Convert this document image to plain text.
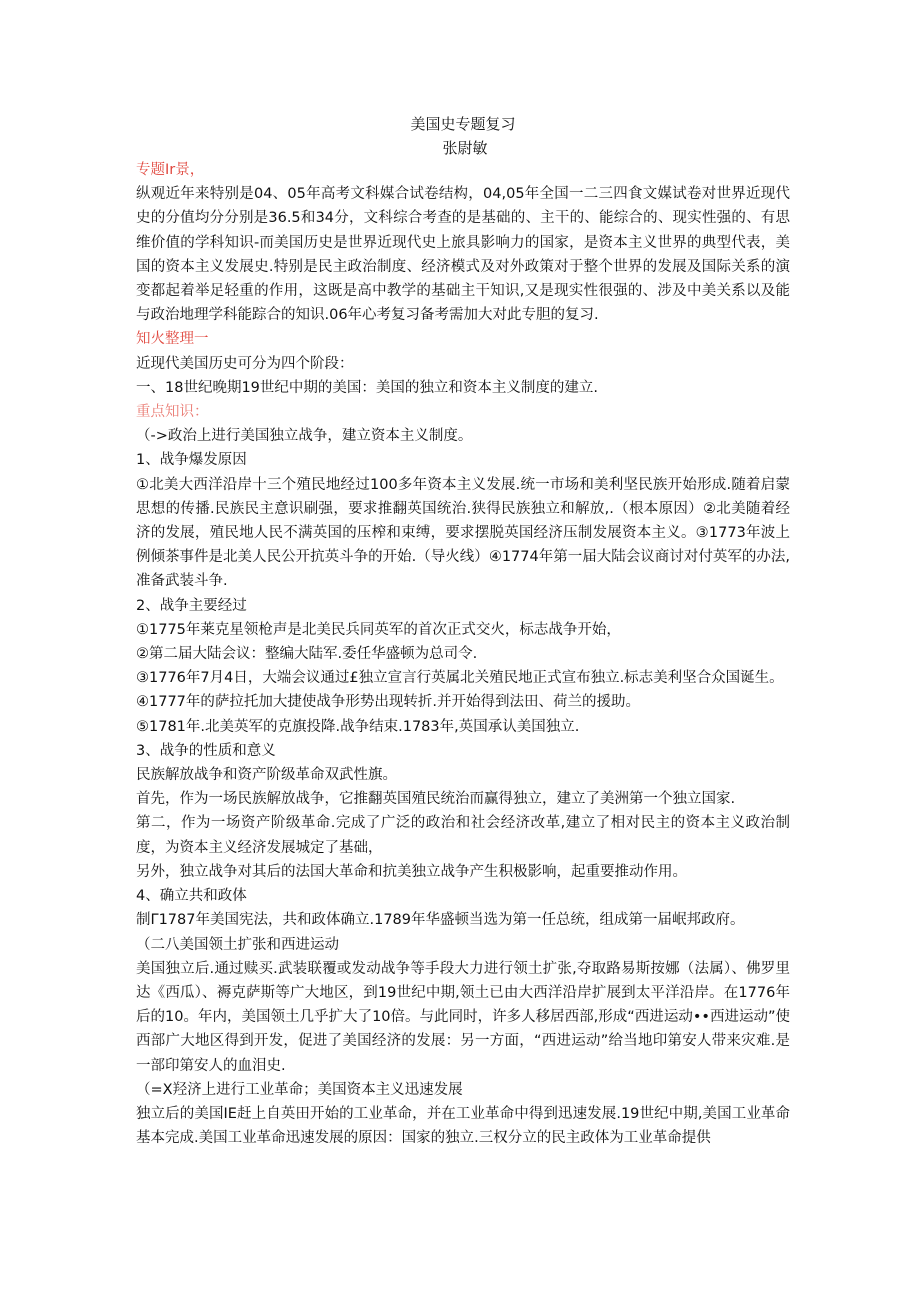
美国史专题复习
张尉敏

专题Ir景，

纵观近年来特别是04、05年高考文科媒合试卷结构，04,05年全国一二三四食文媒试卷对世界近现代史的分值均分分别是36.5和34分，文科综合考查的是基础的、主干的、能综合的、现实性强的、有思维价值的学科知识-而美国历史是世界近现代史上旅具影响力的国家，是资本主义世界的典型代表，美国的资本主义发展史.特别是民主政治制度、经济模式及对外政策对于整个世界的发展及国际关系的演变都起着举足轻重的作用，这既是高中教学的基础主干知识,又是现实性很强的、涉及中美关系以及能与政治地理学科能踪合的知识.06年心考复习备考需加大对此专胆的复习.

知火整理一

近现代美国历史可分为四个阶段：

一、18世纪晚期19世纪中期的美国：美国的独立和资本主义制度的建立.

重点知识：

（->政治上进行美国独立战争，建立资本主义制度。

1、战争爆发原因

①北美大西洋沿岸十三个殖民地经过100多年资本主义发展.统一市场和美利坚民族开始形成.随着启蒙思想的传播.民族民主意识刷强，要求推翻英国统治.狭得民族独立和解放,.（根本原因）②北美随着经济的发展，殖民地人民不满英国的压榨和束缚，要求摆脱英国经济压制发展资本主义。③1773年波上例倾茶事件是北美人民公开抗英斗争的开始.（导火线）④1774年第一届大陆会议商讨对付英军的办法,准备武装斗争.

2、战争主要经过

①1775年莱克星领枪声是北美民兵同英军的首次正式交火，标志战争开始，

②第二届大陆会议：整编大陆军.委任华盛顿为总司令.

③1776年7月4日，大端会议通过£独立宣言行英属北关殖民地正式宣布独立.标志美利坚合众国诞生。

④1777年的萨拉托加大捷使战争形势出现转折.并开始得到法田、荷兰的援助。

⑤1781年.北美英军的克旗投降.战争结束.1783年,英国承认美国独立.

3、战争的性质和意义

民族解放战争和资产阶级革命双武性旗。

首先，作为一场民族解放战争，它推翻英国殖民统治而赢得独立，建立了美洲第一个独立国家.

第二，作为一场资产阶级革命.完成了广泛的政治和社会经济改革,建立了相对民主的资本主义政治制度，为资本主义经济发展城定了基础，

另外，独立战争对其后的法国大革命和抗美独立战争产生积极影响，起重要推动作用。

4、确立共和政体

制Γ1787年美国宪法，共和政体确立.1789年华盛顿当选为第一任总统，组成第一届岷邦政府。

（二八美国领土扩张和西进运动

美国独立后.通过赎买.武装联覆或发动战争等手段大力进行领土扩张,夺取路易斯按娜（法属）、佛罗里达《西瓜）、褥克萨斯等广大地区，到19世纪中期,领土已由大西洋沿岸扩展到太平洋沿岸。在1776年后的10。年内，美国领土几乎扩大了10倍。与此同时，许多人移居西部,形成“西进运动••西进运动”使西部广大地区得到开发，促进了美国经济的发展：另一方面，“西进运动”给当地印第安人带来灾难.是一部印第安人的血泪史.

（=X羟济上进行工业革命；美国资本主义迅速发展

独立后的美国IE赶上自英田开始的工业革命，并在工业革命中得到迅速发展.19世纪中期,美国工业革命基本完成.美国工业革命迅速发展的原因：国家的独立.三权分立的民主政体为工业革命提供
